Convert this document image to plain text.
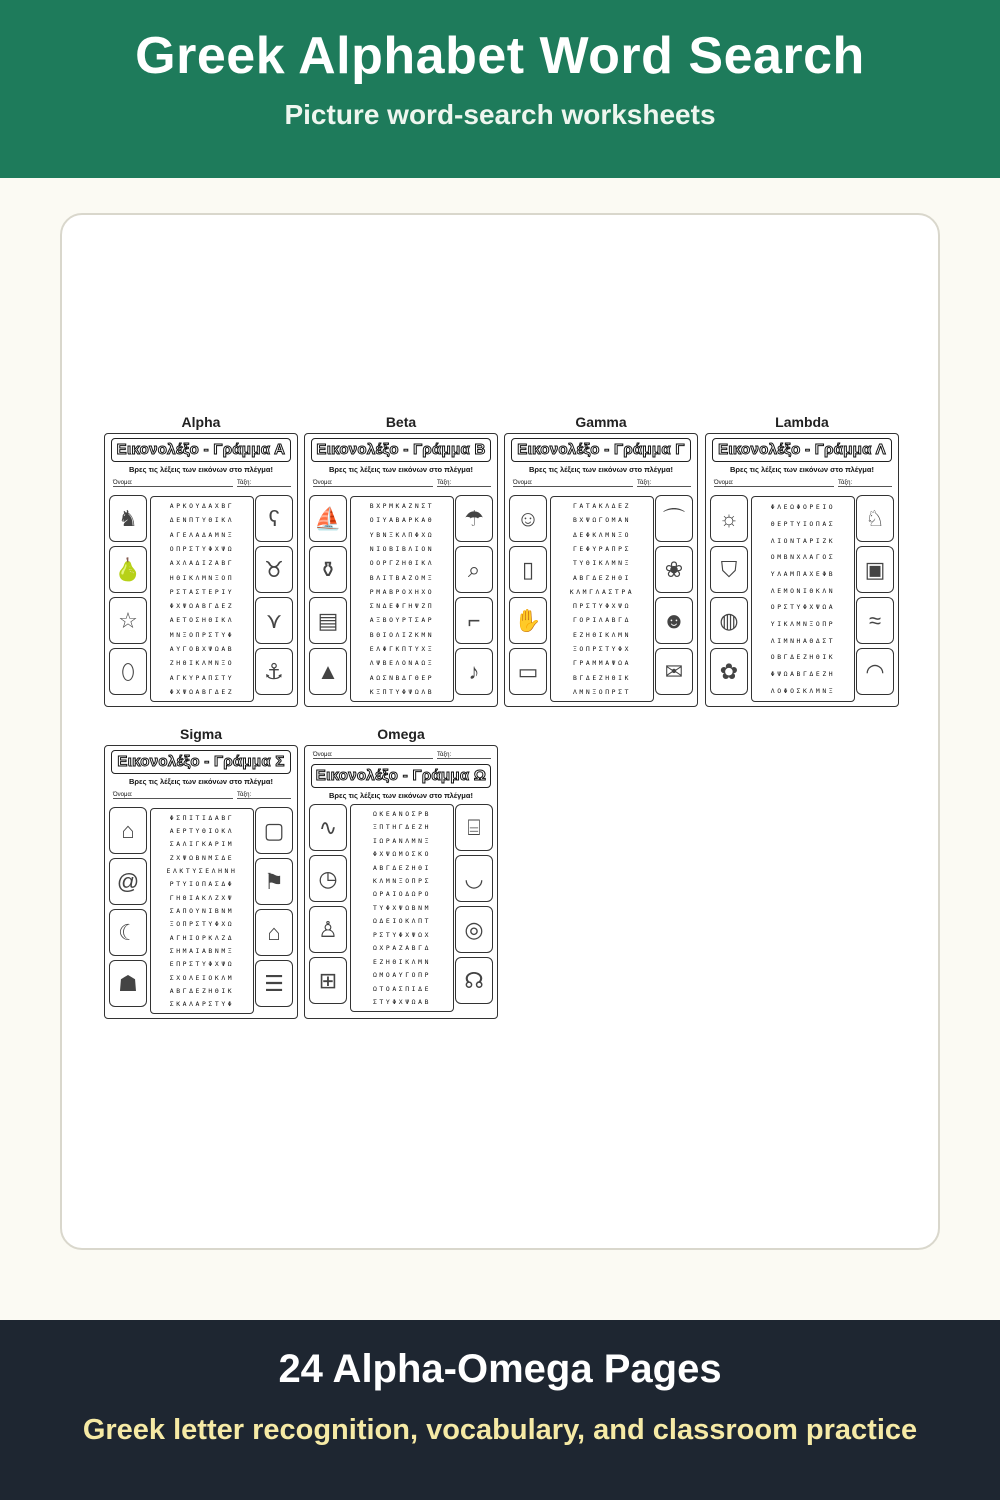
Greek Alphabet Word Search
Picture word-search worksheets
Alpha
Εικονολέξο - Γράμμα Α
Βρες τις λέξεις των εικόνων στο πλέγμα!
Όνομα:	Τάξη:
♞
🍐
☆
⬯
ΑΡΚΟΥΔΑΧΒΓ
ΔΕΝΠΤΥΘΙΚΛ
ΑΓΕΛΑΔΑΜΝΞ
ΟΠΡΣΤΥΦΧΨΩ
ΑΧΛΑΔΙΖΑΒΓ
ΗΘΙΚΛΜΝΞΟΠ
ΡΣΤΑΣΤΕΡΙΥ
ΦΧΨΩΑΒΓΔΕΖ
ΑΕΤΟΣΗΘΙΚΛ
ΜΝΞΟΠΡΣΤΥΦ
ΑΥΓΟΒΧΨΩΑΒ
ΖΗΘΙΚΛΜΝΞΟ
ΑΓΚΥΡΑΠΣΤΥ
ΦΧΨΩΑΒΓΔΕΖ
ʕ
♉
⋎
⚓
Beta
Εικονολέξο - Γράμμα Β
Βρες τις λέξεις των εικόνων στο πλέγμα!
Όνομα:	Τάξη:
⛵
⚱
▤
▲
ΒΧΡΜΚΑΖΝΣΤ
ΟΙΥΑΒΑΡΚΑΘ
ΥΒΝΞΚΛΠΦΧΩ
ΝΙΟΒΙΒΛΙΟΝ
ΟΟΡΓΖΗΘΙΚΛ
ΒΛΙΤΒΑΖΟΜΞ
ΡΜΑΒΡΟΧΗΧΟ
ΣΝΔΕΦΓΗΨΖΠ
ΑΞΒΟΥΡΤΣΑΡ
ΒΘΙΟΛΙΖΚΜΝ
ΕΛΦΓΚΠΤΥΧΞ
ΛΨΒΕΛΟΝΑΩΞ
ΑΩΣΝΒΔΓΘΕΡ
ΚΞΠΤΥΦΨΩΛΒ
☂
⌕
⌐
♪
Gamma
Εικονολέξο - Γράμμα Γ
Βρες τις λέξεις των εικόνων στο πλέγμα!
Όνομα:	Τάξη:
☺
▯
✋
▭
ΓΑΤΑΚΛΔΕΖ
ΒΧΨΩΓΟΜΑΝ
ΔΕΦΚΛΜΝΞΟ
ΓΕΦΥΡΑΠΡΣ
ΤΥΘΙΚΛΜΝΞ
ΑΒΓΔΕΖΗΘΙ
ΚΛΜΓΛΑΣΤΡΑ
ΠΡΣΤΥΦΧΨΩ
ΓΟΡΙΛΑΒΓΔ
ΕΖΗΘΙΚΛΜΝ
ΞΟΠΡΣΤΥΦΧ
ΓΡΑΜΜΑΨΩΑ
ΒΓΔΕΖΗΘΙΚ
ΛΜΝΞΟΠΡΣΤ
⌒
❀
☻
✉
Lambda
Εικονολέξο - Γράμμα Λ
Βρες τις λέξεις των εικόνων στο πλέγμα!
Όνομα:	Τάξη:
☼
⛉
◍
✿
ΦΛΕΩΦΟΡΕΙΟ
ΘΕΡΤΥΙΟΠΑΣ
ΛΙΟΝΤΑΡΙΖΚ
ΟΜΒΝΧΛΑΓΟΣ
ΥΛΑΜΠΑΧΕΦΒ
ΛΕΜΟΝΙΘΚΛΝ
ΟΡΣΤΥΦΧΨΩΑ
ΥΙΚΛΜΝΞΟΠΡ
ΛΙΜΝΗΑΘΔΣΤ
ΟΒΓΔΕΖΗΘΙΚ
ΦΨΩΑΒΓΔΕΖΗ
ΛΟΦΟΣΚΛΜΝΞ
♘
▣
≈
◠
Sigma
Εικονολέξο - Γράμμα Σ
Βρες τις λέξεις των εικόνων στο πλέγμα!
Όνομα:	Τάξη:
⌂
@
☾
☗
ΦΣΠΙΤΙΔΑΒΓ
ΑΕΡΤΥΘΙΟΚΛ
ΣΑΛΙΓΚΑΡΙΜ
ΖΧΨΩΒΝΜΣΔΕ
ΕΛΚΤΥΣΕΛΗΝΗ
ΡΤΥΙΟΠΑΣΔΦ
ΓΗΘΙΑΚΛΖΧΨ
ΣΑΠΟΥΝΙΒΝΜ
ΞΟΠΡΣΤΥΦΧΩ
ΑΓΗΙΟΡΚΛΖΔ
ΣΗΜΑΙΑΒΝΜΞ
ΕΠΡΣΤΥΦΧΨΩ
ΣΧΟΛΕΙΟΚΛΜ
ΑΒΓΔΕΖΗΘΙΚ
ΣΚΑΛΑΡΣΤΥΦ
▢
⚑
⌂
☰
Omega
Εικονολέξο - Γράμμα Ω
Βρες τις λέξεις των εικόνων στο πλέγμα!
Όνομα:	Τάξη:
∿
◷
♙
⊞
ΩΚΕΑΝΟΣΡΒ
ΞΠΤΗΓΔΕΖΗ
ΙΩΡΑΝΛΜΝΞ
ΦΧΨΩΜΟΣΚΟ
ΑΒΓΔΕΖΗΘΙ
ΚΛΜΝΞΟΠΡΣ
ΩΡΑΙΟΔΩΡΟ
ΤΥΦΧΨΩΒΝΜ
ΩΔΕΙΟΚΛΠΤ
ΡΣΤΥΦΧΨΩΧ
ΩΧΡΑΖΑΒΓΔ
ΕΖΗΘΙΚΛΜΝ
ΩΜΟΑΥΓΟΠΡ
ΩΤΟΑΣΠΙΔΕ
ΣΤΥΦΧΨΩΑΒ
⌸
◡
◎
☊
24 Alpha-Omega Pages
Greek letter recognition, vocabulary, and classroom practice
